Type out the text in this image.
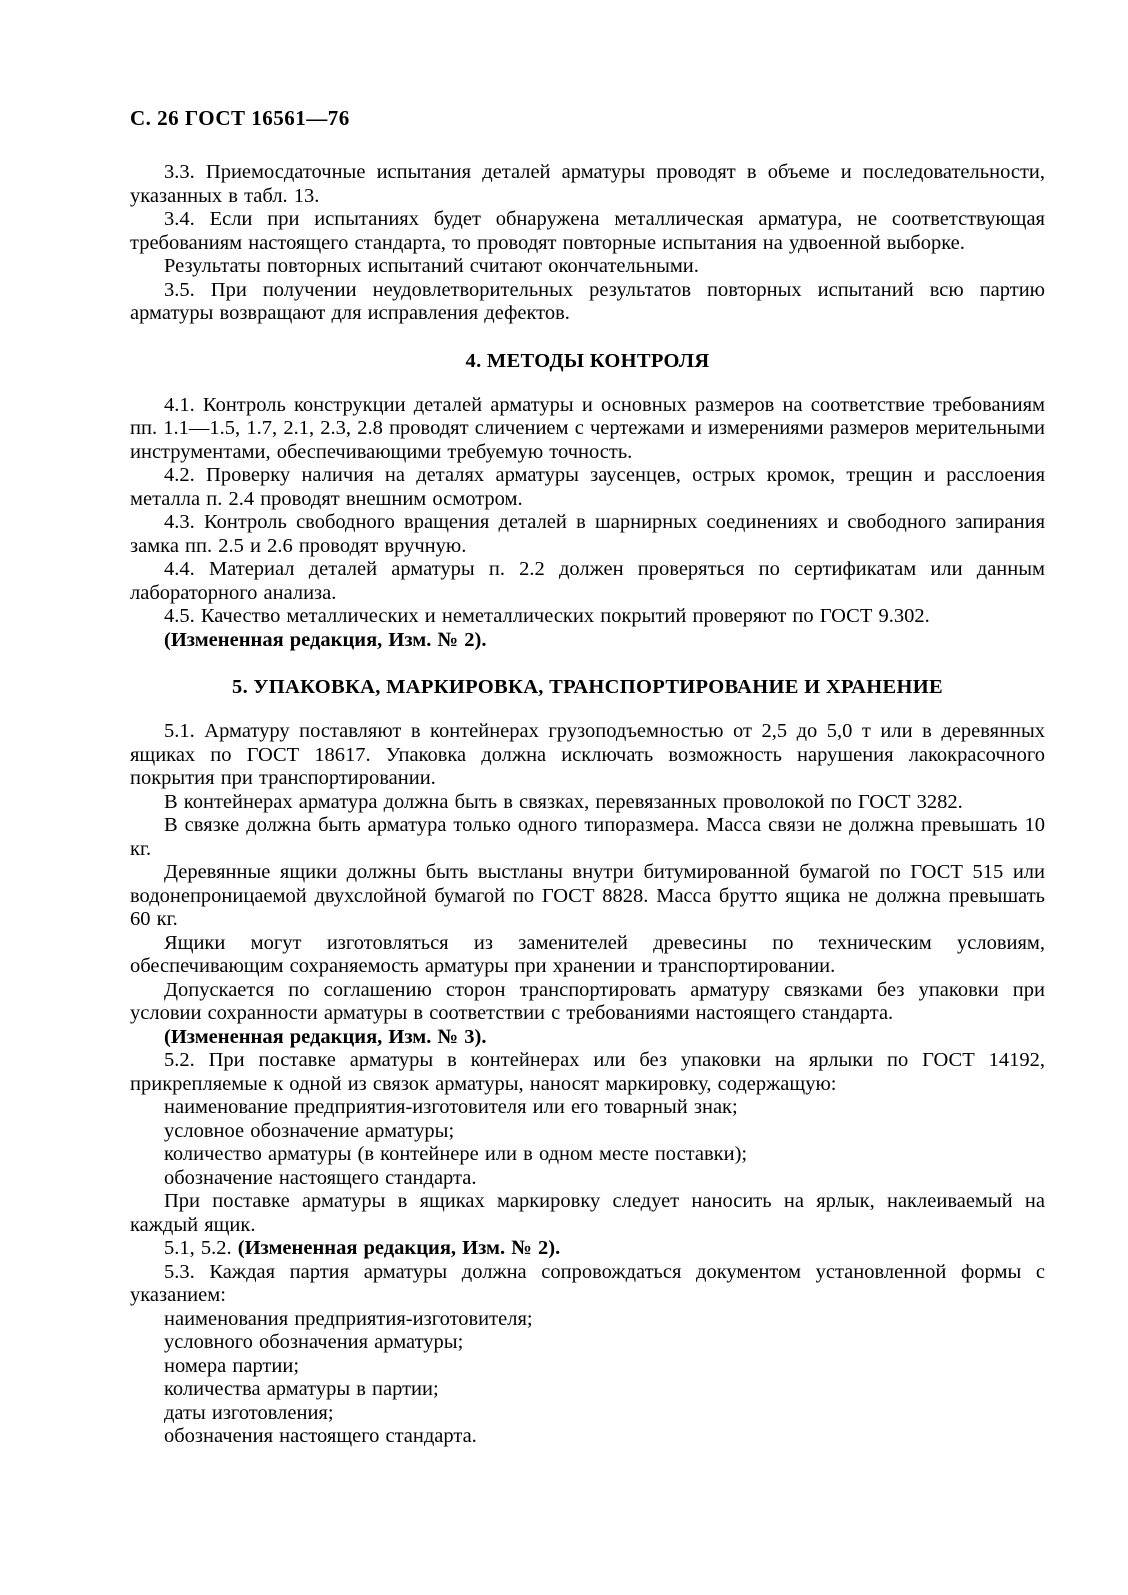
С. 26 ГОСТ 16561—76

3.3. Приемосдаточные испытания деталей арматуры проводят в объеме и последовательности, указанных в табл. 13.

3.4. Если при испытаниях будет обнаружена металлическая арматура, не соответствующая требованиям настоящего стандарта, то проводят повторные испытания на удвоенной выборке.

Результаты повторных испытаний считают окончательными.

3.5. При получении неудовлетворительных результатов повторных испытаний всю партию арматуры возвращают для исправления дефектов.

4. МЕТОДЫ КОНТРОЛЯ

4.1. Контроль конструкции деталей арматуры и основных размеров на соответствие требованиям пп. 1.1—1.5, 1.7, 2.1, 2.3, 2.8 проводят сличением с чертежами и измерениями размеров мерительными инструментами, обеспечивающими требуемую точность.

4.2. Проверку наличия на деталях арматуры заусенцев, острых кромок, трещин и расслоения металла п. 2.4 проводят внешним осмотром.

4.3. Контроль свободного вращения деталей в шарнирных соединениях и свободного запирания замка пп. 2.5 и 2.6 проводят вручную.

4.4. Материал деталей арматуры п. 2.2 должен проверяться по сертификатам или данным лабораторного анализа.

4.5. Качество металлических и неметаллических покрытий проверяют по ГОСТ 9.302.

(Измененная редакция, Изм. № 2).

5. УПАКОВКА, МАРКИРОВКА, ТРАНСПОРТИРОВАНИЕ И ХРАНЕНИЕ

5.1. Арматуру поставляют в контейнерах грузоподъемностью от 2,5 до 5,0 т или в деревянных ящиках по ГОСТ 18617. Упаковка должна исключать возможность нарушения лакокрасочного покрытия при транспортировании.

В контейнерах арматура должна быть в связках, перевязанных проволокой по ГОСТ 3282.

В связке должна быть арматура только одного типоразмера. Масса связи не должна превышать 10 кг.

Деревянные ящики должны быть выстланы внутри битумированной бумагой по ГОСТ 515 или водонепроницаемой двухслойной бумагой по ГОСТ 8828. Масса брутто ящика не должна превышать 60 кг.

Ящики могут изготовляться из заменителей древесины по техническим условиям, обеспечивающим сохраняемость арматуры при хранении и транспортировании.

Допускается по соглашению сторон транспортировать арматуру связками без упаковки при условии сохранности арматуры в соответствии с требованиями настоящего стандарта.

(Измененная редакция, Изм. № 3).

5.2. При поставке арматуры в контейнерах или без упаковки на ярлыки по ГОСТ 14192, прикрепляемые к одной из связок арматуры, наносят маркировку, содержащую:

наименование предприятия-изготовителя или его товарный знак;

условное обозначение арматуры;

количество арматуры (в контейнере или в одном месте поставки);

обозначение настоящего стандарта.

При поставке арматуры в ящиках маркировку следует наносить на ярлык, наклеиваемый на каждый ящик.

5.1, 5.2. (Измененная редакция, Изм. № 2).

5.3. Каждая партия арматуры должна сопровождаться документом установленной формы с указанием:

наименования предприятия-изготовителя;

условного обозначения арматуры;

номера партии;

количества арматуры в партии;

даты изготовления;

обозначения настоящего стандарта.
